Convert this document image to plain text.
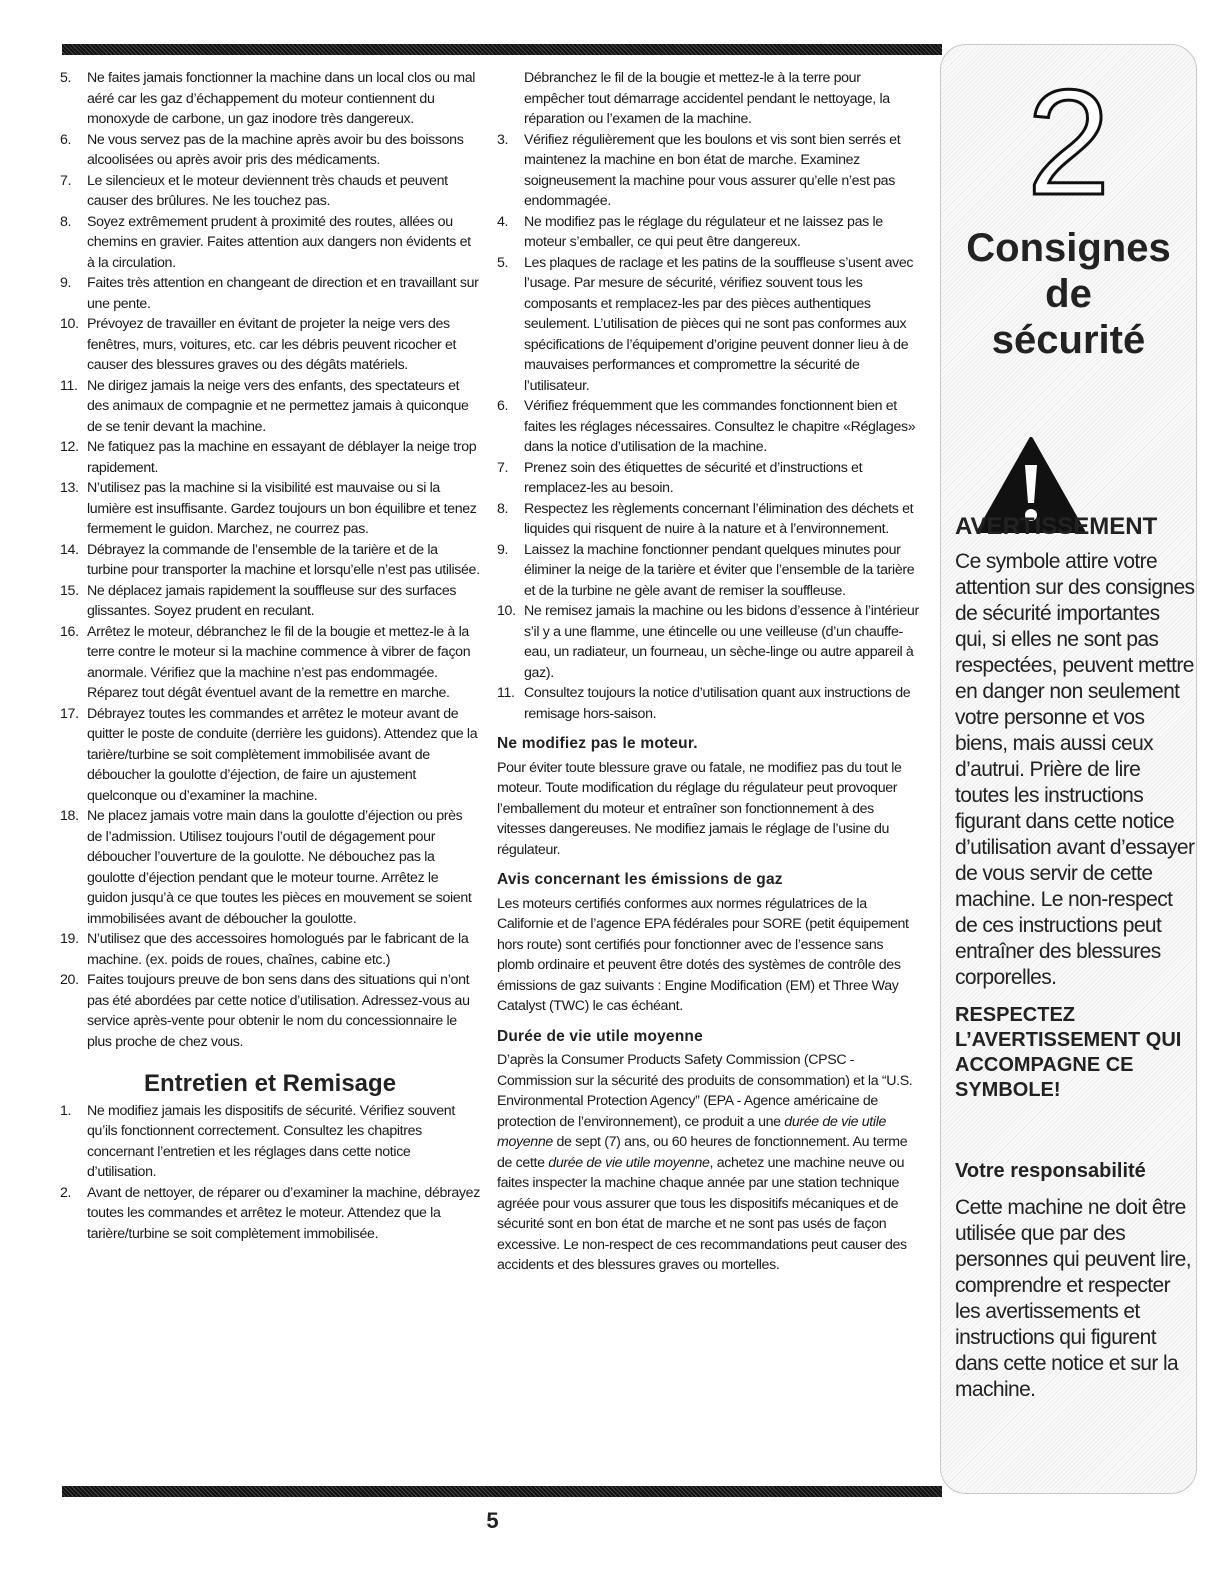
5.	Ne faites jamais fonctionner la machine dans un local clos ou mal aéré car les gaz d’échappement du moteur contiennent du monoxyde de carbone, un gaz inodore très dangereux.
6.	Ne vous servez pas de la machine après avoir bu des boissons alcoolisées ou après avoir pris des médicaments.
7.	Le silencieux et le moteur deviennent très chauds et peuvent causer des brûlures. Ne les touchez pas.
8.	Soyez extrêmement prudent à proximité des routes, allées ou chemins en gravier. Faites attention aux dangers non évidents et à la circulation.
9.	Faites très attention en changeant de direction et en travaillant sur une pente.
10. Prévoyez de travailler en évitant de projeter la neige vers des fenêtres, murs, voitures, etc. car les débris peuvent ricocher et causer des blessures graves ou des dégâts matériels.
11. Ne dirigez jamais la neige vers des enfants, des spectateurs et des animaux de compagnie et ne permettez jamais à quiconque de se tenir devant la machine.
12. Ne fatiquez pas la machine en essayant de déblayer la neige trop rapidement.
13. N’utilisez pas la machine si la visibilité est mauvaise ou si la lumière est insuffisante. Gardez toujours un bon équilibre et tenez fermement le guidon. Marchez, ne courrez pas.
14. Débrayez la commande de l’ensemble de la tarière et de la turbine pour transporter la machine et lorsqu’elle n’est pas utilisée.
15. Ne déplacez jamais rapidement la souffleuse sur des surfaces glissantes. Soyez prudent en reculant.
16. Arrêtez le moteur, débranchez le fil de la bougie et mettez-le à la terre contre le moteur si la machine commence à vibrer de façon anormale. Vérifiez que la machine n’est pas endommagée. Réparez tout dégât éventuel avant de la remettre en marche.
17. Débrayez toutes les commandes et arrêtez le moteur avant de quitter le poste de conduite (derrière les guidons). Attendez que la tarière/turbine se soit complètement immobilisée avant de déboucher la goulotte d’éjection, de faire un ajustement quelconque ou d’examiner la machine.
18. Ne placez jamais votre main dans la goulotte d’éjection ou près de l’admission. Utilisez toujours l’outil de dégagement pour déboucher l’ouverture de la goulotte. Ne débouchez pas la goulotte d’éjection pendant que le moteur tourne. Arrêtez le guidon jusqu’à ce que toutes les pièces en mouvement se soient immobilisées avant de déboucher la goulotte.
19. N’utilisez que des accessoires homologués par le fabricant de la machine. (ex. poids de roues, chaînes, cabine etc.)
20. Faites toujours preuve de bon sens dans des situations qui n’ont pas été abordées par cette notice d’utilisation. Adressez-vous au service après-vente pour obtenir le nom du concessionnaire le plus proche de chez vous.
Entretien et Remisage
1.	Ne modifiez jamais les dispositifs de sécurité. Vérifiez souvent qu’ils fonctionnent correctement. Consultez les chapitres concernant l’entretien et les réglages dans cette notice d’utilisation.
2.	Avant de nettoyer, de réparer ou d’examiner la machine, débrayez toutes les commandes et arrêtez le moteur. Attendez que la tarière/turbine se soit complètement immobilisée.

Débranchez le fil de la bougie et mettez-le à la terre pour empêcher tout démarrage accidentel pendant le nettoyage, la réparation ou l’examen de la machine.

3.	Vérifiez régulièrement que les boulons et vis sont bien serrés et maintenez la machine en bon état de marche. Examinez soigneusement la machine pour vous assurer qu’elle n’est pas endommagée.
4.	Ne modifiez pas le réglage du régulateur et ne laissez pas le moteur s’emballer, ce qui peut être dangereux.
5.	Les plaques de raclage et les patins de la souffleuse s’usent avec l’usage. Par mesure de sécurité, vérifiez souvent tous les composants et remplacez-les par des pièces authentiques seulement. L’utilisation de pièces qui ne sont pas conformes aux spécifications de l’équipement d’origine peuvent donner lieu à de mauvaises performances et compromettre la sécurité de l’utilisateur.
6.	Vérifiez fréquemment que les commandes fonctionnent bien et faites les réglages nécessaires. Consultez le chapitre «Réglages» dans la notice d’utilisation de la machine.
7.	Prenez soin des étiquettes de sécurité et d’instructions et remplacez-les au besoin.
8.	Respectez les règlements concernant l’élimination des déchets et liquides qui risquent de nuire à la nature et à l’environnement.
9.	Laissez la machine fonctionner pendant quelques minutes pour éliminer la neige de la tarière et éviter que l’ensemble de la tarière et de la turbine ne gèle avant de remiser la souffleuse.
10. Ne remisez jamais la machine ou les bidons d’essence à l’intérieur s’il y a une flamme, une étincelle ou une veilleuse (d’un chauffe-eau, un radiateur, un fourneau, un sèche-linge ou autre appareil à gaz).
11. Consultez toujours la notice d’utilisation quant aux instructions de remisage hors-saison.
Ne modifiez pas le moteur.

Pour éviter toute blessure grave ou fatale, ne modifiez pas du tout le moteur. Toute modification du réglage du régulateur peut provoquer l’emballement du moteur et entraîner son fonctionnement à des vitesses dangereuses. Ne modifiez jamais le réglage de l’usine du régulateur.

Avis concernant les émissions de gaz

Les moteurs certifiés conformes aux normes régulatrices de la Californie et de l’agence EPA fédérales pour SORE (petit équipement hors route) sont certifiés pour fonctionner avec de l’essence sans plomb ordinaire et peuvent être dotés des systèmes de contrôle des émissions de gaz suivants : Engine Modification (EM) et Three Way Catalyst (TWC) le cas échéant.

Durée de vie utile moyenne

D’après la Consumer Products Safety Commission (CPSC - Commission sur la sécurité des produits de consommation) et la “U.S. Environmental Protection Agency” (EPA - Agence américaine de protection de l’environnement), ce produit a une durée de vie utile moyenne de sept (7) ans, ou 60 heures de fonctionnement. Au terme de cette durée de vie utile moyenne, achetez une machine neuve ou faites inspecter la machine chaque année par une station technique agréée pour vous assurer que tous les dispositifs mécaniques et de sécurité sont en bon état de marche et ne sont pas usés de façon excessive. Le non-respect de ces recommandations peut causer des accidents et des blessures graves ou mortelles.

2
Consignes
de
sécurité
AVERTISSEMENT
Ce symbole attire votre attention sur des consignes de sécurité importantes qui, si elles ne sont pas respectées, peuvent mettre en danger non seulement votre personne et vos biens, mais aussi ceux d’autrui. Prière de lire toutes les instructions figurant dans cette notice d’utilisation avant d’essayer de vous servir de cette machine. Le non-respect de ces instructions peut entraîner des blessures corporelles.
RESPECTEZ L’AVERTISSEMENT QUI ACCOMPAGNE CE SYMBOLE!
Votre responsabilité
Cette machine ne doit être utilisée que par des personnes qui peuvent lire, comprendre et respecter les avertissements et instructions qui figurent dans cette notice et sur la machine.
5
